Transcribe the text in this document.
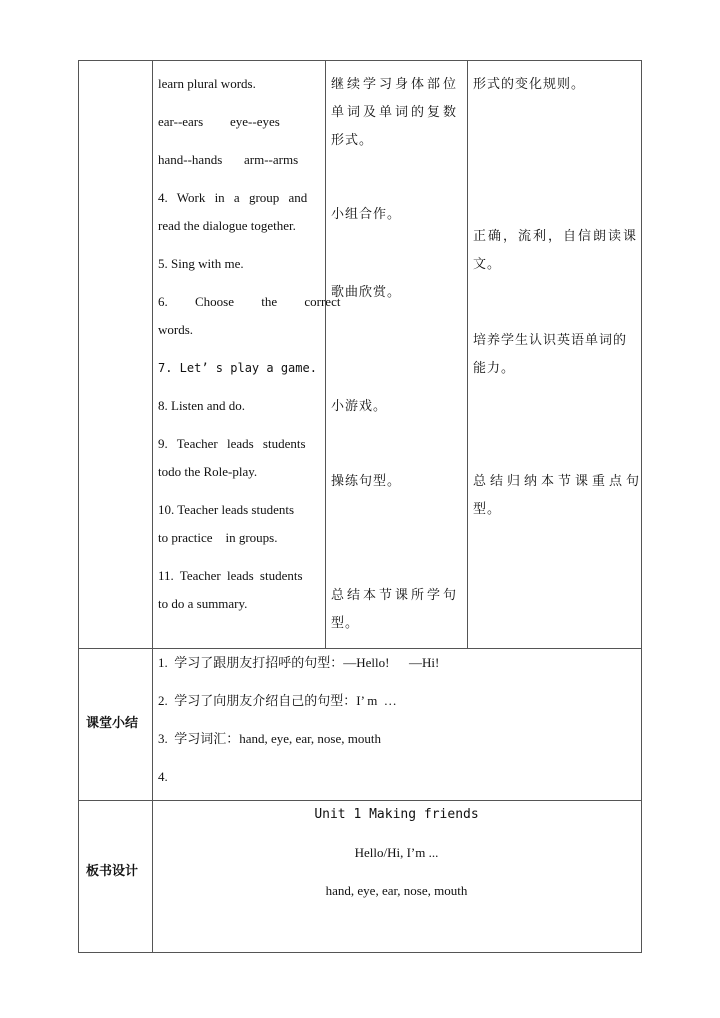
learn plural words.
ear--ears eye--eyes
hand--hands arm--arms
4. Work in a group and
read the dialogue together.
5. Sing with me.
6. Choose the correct
words.
7. Let’ s play a game.
8. Listen and do.
9. Teacher leads students
todo the Role-play.
10. Teacher leads students
to practice    in groups.
11. Teacher leads students
to do a summary.
继续学习身体部位
单词及单词的复数
形式。
小组合作。
歌曲欣赏。
小游戏。
操练句型。
总结本节课所学句
型。
形式的变化规则。
正确，流利，自信朗读课
文。
培养学生认识英语单词的
能力。
总结归纳本节课重点句
型。
课堂小结
1.  学习了跟朋友打招呼的句型：—Hello!      —Hi!
2.  学习了向朋友介绍自己的句型：I’ m  …
3.  学习词汇：hand, eye, ear, nose, mouth
4.
板书设计
Unit 1 Making friends
Hello/Hi, I’m ...
hand, eye, ear, nose, mouth
